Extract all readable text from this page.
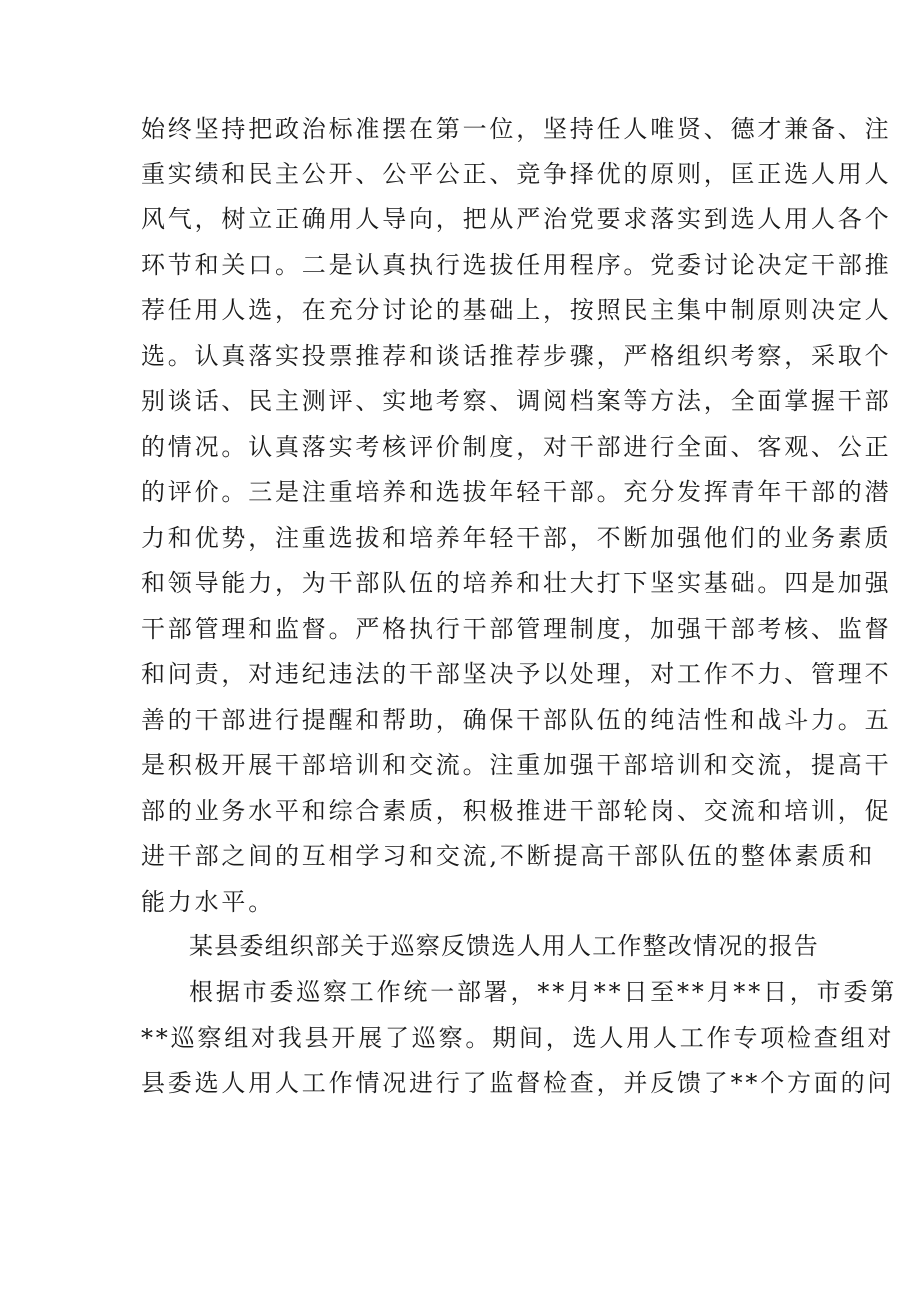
始终坚持把政治标准摆在第一位，坚持任人唯贤、德才兼备、注
重实绩和民主公开、公平公正、竞争择优的原则，匡正选人用人
风气，树立正确用人导向，把从严治党要求落实到选人用人各个
环节和关口。二是认真执行选拔任用程序。党委讨论决定干部推
荐任用人选，在充分讨论的基础上，按照民主集中制原则决定人
选。认真落实投票推荐和谈话推荐步骤，严格组织考察，采取个
别谈话、民主测评、实地考察、调阅档案等方法，全面掌握干部
的情况。认真落实考核评价制度，对干部进行全面、客观、公正
的评价。三是注重培养和选拔年轻干部。充分发挥青年干部的潜
力和优势，注重选拔和培养年轻干部，不断加强他们的业务素质
和领导能力，为干部队伍的培养和壮大打下坚实基础。四是加强
干部管理和监督。严格执行干部管理制度，加强干部考核、监督
和问责，对违纪违法的干部坚决予以处理，对工作不力、管理不
善的干部进行提醒和帮助，确保干部队伍的纯洁性和战斗力。五
是积极开展干部培训和交流。注重加强干部培训和交流，提高干
部的业务水平和综合素质，积极推进干部轮岗、交流和培训，促
进干部之间的互相学习和交流,不断提高干部队伍的整体素质和
能力水平。
某县委组织部关于巡察反馈选人用人工作整改情况的报告
根据市委巡察工作统一部署，**月**日至**月**日，市委第
**巡察组对我县开展了巡察。期间，选人用人工作专项检查组对
县委选人用人工作情况进行了监督检查，并反馈了**个方面的问
